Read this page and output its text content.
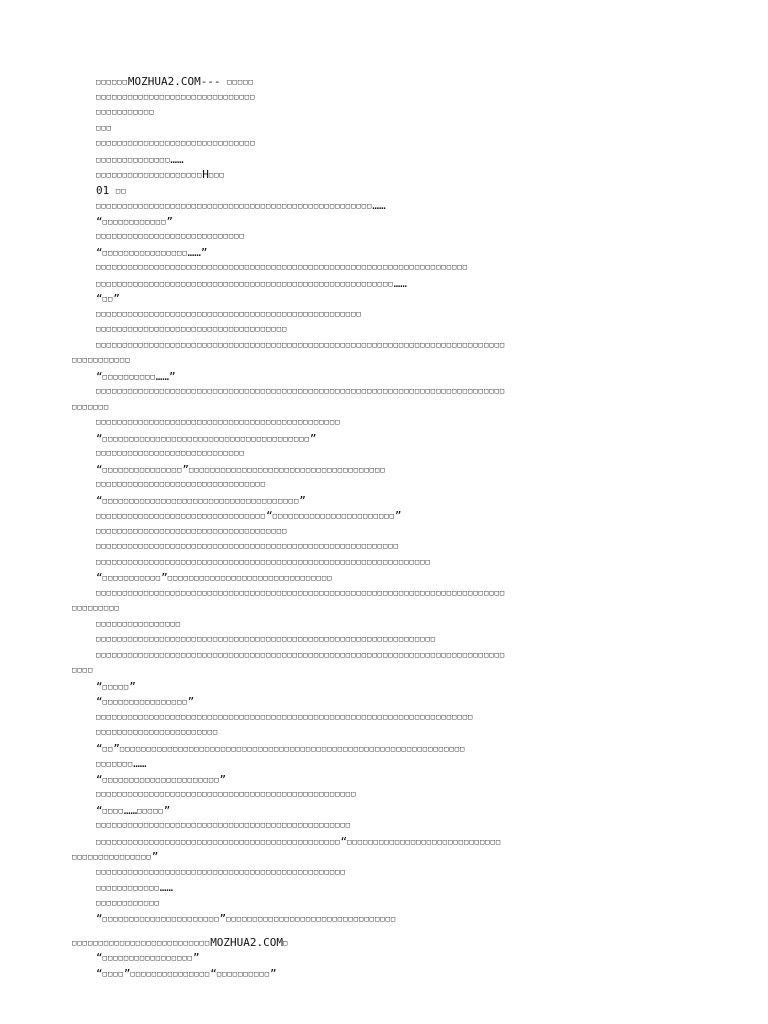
□□□□□□MOZHUA2.COM--- □□□□□
□□□□□□□□□□□□□□□□□□□□□□□□□□□□□□
□□□□□□□□□□□
□□□
□□□□□□□□□□□□□□□□□□□□□□□□□□□□□□
□□□□□□□□□□□□□□……
□□□□□□□□□□□□□□□□□□□□H□□□
01 □□
□□□□□□□□□□□□□□□□□□□□□□□□□□□□□□□□□□□□□□□□□□□□□□□□□□□□……
“□□□□□□□□□□□□”
□□□□□□□□□□□□□□□□□□□□□□□□□□□□
“□□□□□□□□□□□□□□□□……”
□□□□□□□□□□□□□□□□□□□□□□□□□□□□□□□□□□□□□□□□□□□□□□□□□□□□□□□□□□□□□□□□□□□□□□
□□□□□□□□□□□□□□□□□□□□□□□□□□□□□□□□□□□□□□□□□□□□□□□□□□□□□□□□……
“□□”
□□□□□□□□□□□□□□□□□□□□□□□□□□□□□□□□□□□□□□□□□□□□□□□□□□
□□□□□□□□□□□□□□□□□□□□□□□□□□□□□□□□□□□□
□□□□□□□□□□□□□□□□□□□□□□□□□□□□□□□□□□□□□□□□□□□□□□□□□□□□□□□□□□□□□□□□□□□□□□□□□□□□□
□□□□□□□□□□□
“□□□□□□□□□□……”
□□□□□□□□□□□□□□□□□□□□□□□□□□□□□□□□□□□□□□□□□□□□□□□□□□□□□□□□□□□□□□□□□□□□□□□□□□□□□
□□□□□□□
□□□□□□□□□□□□□□□□□□□□□□□□□□□□□□□□□□□□□□□□□□□□□□
“□□□□□□□□□□□□□□□□□□□□□□□□□□□□□□□□□□□□□□□”
□□□□□□□□□□□□□□□□□□□□□□□□□□□□
“□□□□□□□□□□□□□□□”□□□□□□□□□□□□□□□□□□□□□□□□□□□□□□□□□□□□□
□□□□□□□□□□□□□□□□□□□□□□□□□□□□□□□□
“□□□□□□□□□□□□□□□□□□□□□□□□□□□□□□□□□□□□□”
□□□□□□□□□□□□□□□□□□□□□□□□□□□□□□□□“□□□□□□□□□□□□□□□□□□□□□□□”
□□□□□□□□□□□□□□□□□□□□□□□□□□□□□□□□□□□□
□□□□□□□□□□□□□□□□□□□□□□□□□□□□□□□□□□□□□□□□□□□□□□□□□□□□□□□□□
□□□□□□□□□□□□□□□□□□□□□□□□□□□□□□□□□□□□□□□□□□□□□□□□□□□□□□□□□□□□□□□
“□□□□□□□□□□□”□□□□□□□□□□□□□□□□□□□□□□□□□□□□□□□
□□□□□□□□□□□□□□□□□□□□□□□□□□□□□□□□□□□□□□□□□□□□□□□□□□□□□□□□□□□□□□□□□□□□□□□□□□□□□
□□□□□□□□□
□□□□□□□□□□□□□□□□
□□□□□□□□□□□□□□□□□□□□□□□□□□□□□□□□□□□□□□□□□□□□□□□□□□□□□□□□□□□□□□□□
□□□□□□□□□□□□□□□□□□□□□□□□□□□□□□□□□□□□□□□□□□□□□□□□□□□□□□□□□□□□□□□□□□□□□□□□□□□□□
□□□□
“□□□□□”
“□□□□□□□□□□□□□□□□”
□□□□□□□□□□□□□□□□□□□□□□□□□□□□□□□□□□□□□□□□□□□□□□□□□□□□□□□□□□□□□□□□□□□□□□□
□□□□□□□□□□□□□□□□□□□□□□□
“□□”□□□□□□□□□□□□□□□□□□□□□□□□□□□□□□□□□□□□□□□□□□□□□□□□□□□□□□□□□□□□□□□□□
□□□□□□□……
“□□□□□□□□□□□□□□□□□□□□□□”
□□□□□□□□□□□□□□□□□□□□□□□□□□□□□□□□□□□□□□□□□□□□□□□□□
“□□□□……□□□□□”
□□□□□□□□□□□□□□□□□□□□□□□□□□□□□□□□□□□□□□□□□□□□□□□□
□□□□□□□□□□□□□□□□□□□□□□□□□□□□□□□□□□□□□□□□□□□□□□“□□□□□□□□□□□□□□□□□□□□□□□□□□□□□
□□□□□□□□□□□□□□□”
□□□□□□□□□□□□□□□□□□□□□□□□□□□□□□□□□□□□□□□□□□□□□□□
□□□□□□□□□□□□……
□□□□□□□□□□□□
“□□□□□□□□□□□□□□□□□□□□□□”□□□□□□□□□□□□□□□□□□□□□□□□□□□□□□□□
□□□□□□□□□□□□□□□□□□□□□□□□□□MOZHUA2.COM□
“□□□□□□□□□□□□□□□□□”
“□□□□”□□□□□□□□□□□□□□□“□□□□□□□□□□”
